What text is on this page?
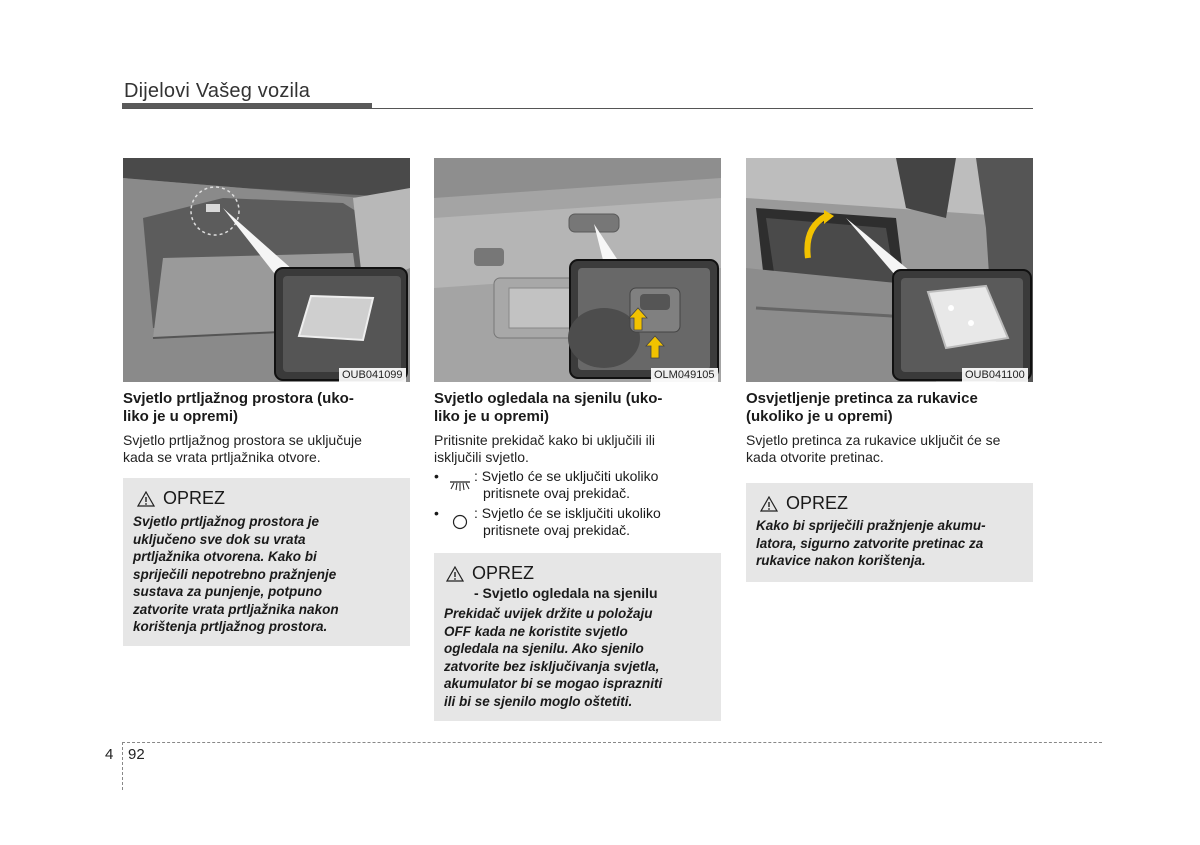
Dijelovi Vašeg vozila
OUB041099
Svjetlo prtljažnog prostora (uko-
liko je u opremi)
Svjetlo prtljažnog prostora se uključuje
kada se vrata prtljažnika otvore.
OPREZ
Svjetlo prtljažnog prostora je
uključeno sve dok su vrata
prtljažnika otvorena. Kako bi
spriječili nepotrebno pražnjenje
sustava za punjenje, potpuno
zatvorite vrata prtljažnika nakon
korištenja prtljažnog prostora.
OLM049105
Svjetlo ogledala na sjenilu (uko-
liko je u opremi)
Pritisnite prekidač kako bi uključili ili
isključili svjetlo.
•	: Svjetlo će se uključiti ukoliko
pritisnete ovaj prekidač.
•	: Svjetlo će se isključiti ukoliko
pritisnete ovaj prekidač.
OPREZ
- Svjetlo ogledala na sjenilu
Prekidač uvijek držite u položaju
OFF kada ne koristite svjetlo
ogledala na sjenilu. Ako sjenilo
zatvorite bez isključivanja svjetla,
akumulator bi se mogao isprazniti
ili bi se sjenilo moglo oštetiti.
OUB041100
Osvjetljenje pretinca za rukavice
(ukoliko je u opremi)
Svjetlo pretinca za rukavice uključit će se
kada otvorite pretinac.
OPREZ
Kako bi spriječili pražnjenje akumu-
latora, sigurno zatvorite pretinac za
rukavice nakon korištenja.
4 92
